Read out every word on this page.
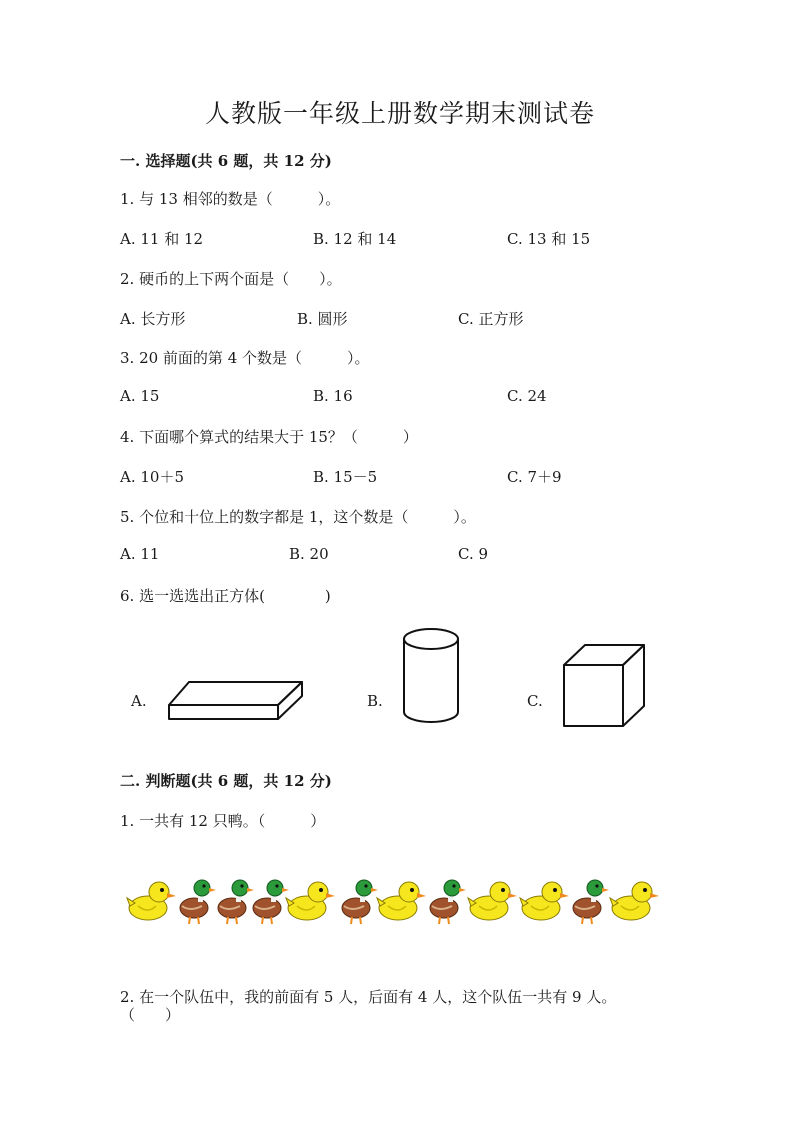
人教版一年级上册数学期末测试卷
一. 选择题(共 6 题，共 12 分)
1. 与 13 相邻的数是（　　　）。
A. 11 和 12	B. 12 和 14	C. 13 和 15
2. 硬币的上下两个面是（　　）。
A. 长方形	B. 圆形	C. 正方形
3. 20 前面的第 4 个数是（　　　）。
A. 15	B. 16	C. 24
4. 下面哪个算式的结果大于 15？（　　　）
A. 10＋5	B. 15－5	C. 7＋9
5. 个位和十位上的数字都是 1，这个数是（　　　）。
A. 11	B. 20	C. 9
6. 选一选选出正方体(　　　　)
A.	B.	C.
二. 判断题(共 6 题，共 12 分)
1. 一共有 12 只鸭。（　　　）
2. 在一个队伍中，我的前面有 5 人，后面有 4 人，这个队伍一共有 9 人。
（　　）
